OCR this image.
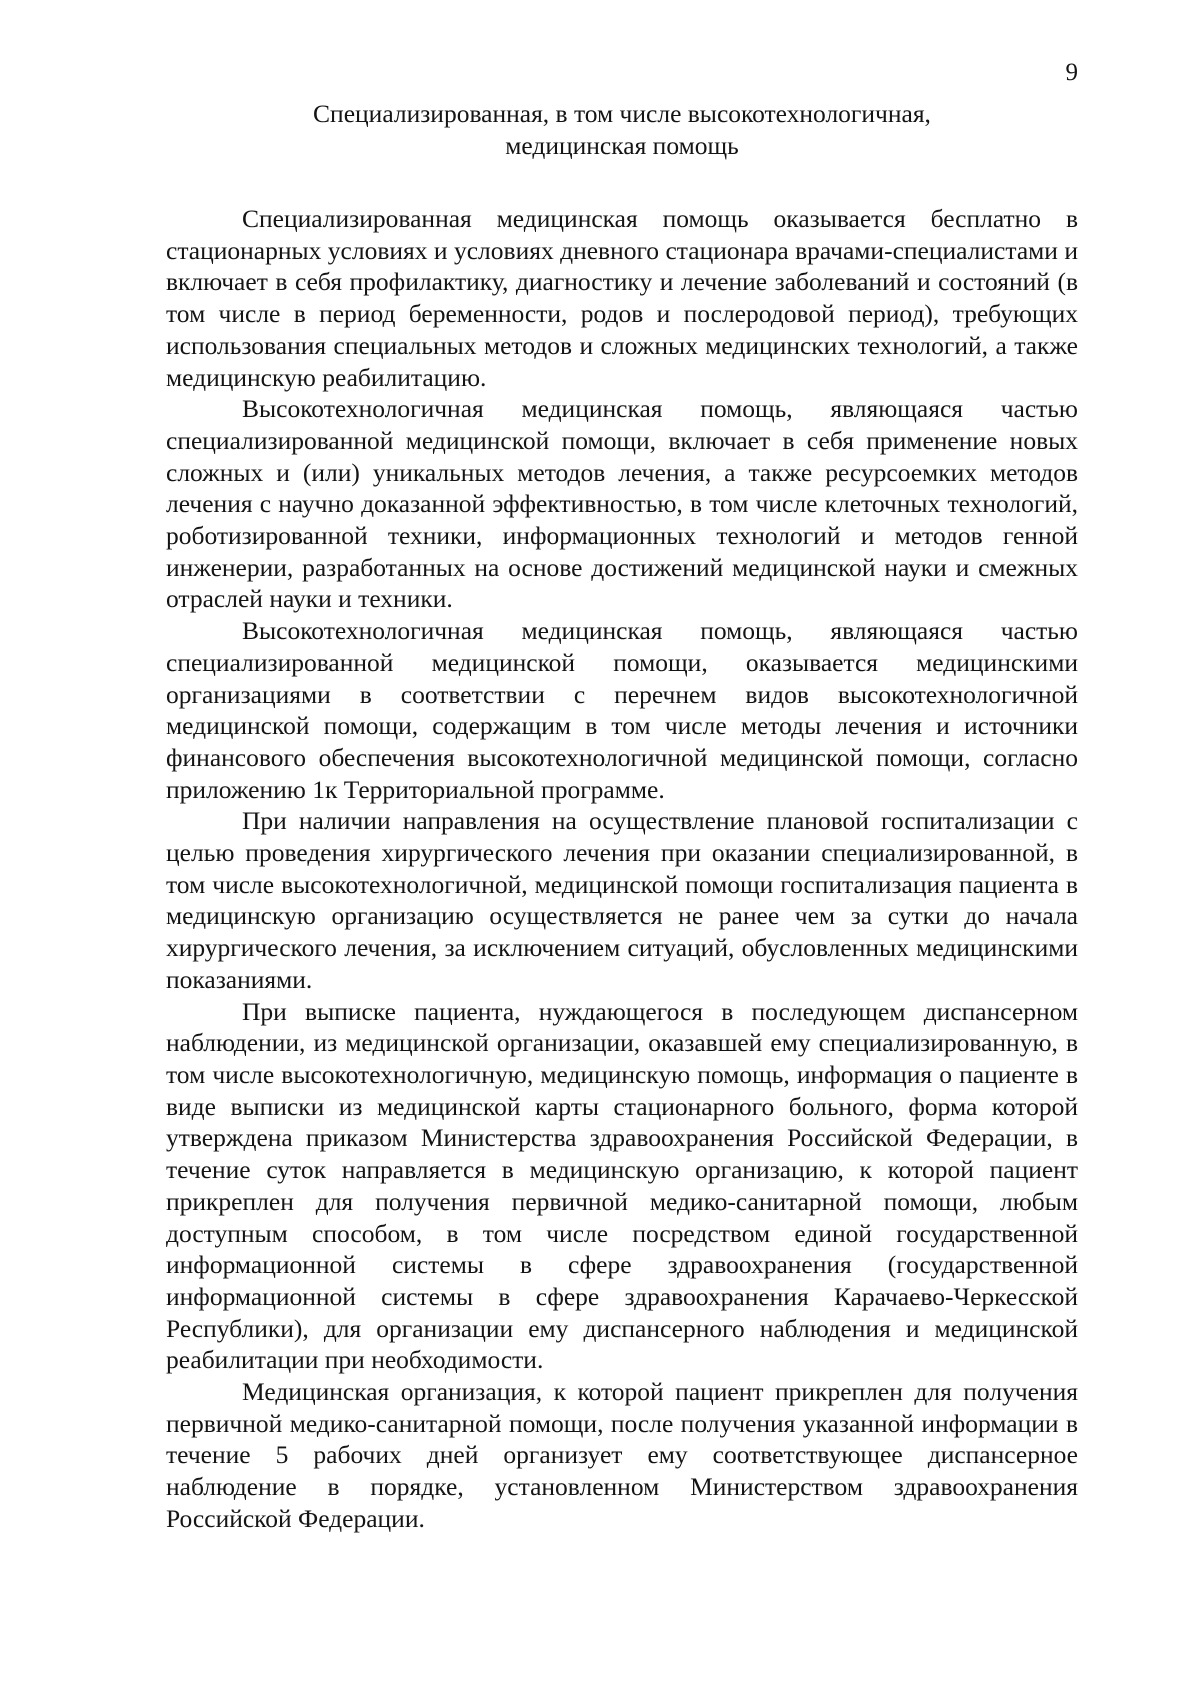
9
Специализированная, в том числе высокотехнологичная,
медицинская помощь

Специализированная медицинская помощь оказывается бесплатно в стационарных условиях и условиях дневного стационара врачами-специалистами и включает в себя профилактику, диагностику и лечение заболеваний и состояний (в том числе в период беременности, родов и послеродовой период), требующих использования специальных методов и сложных медицинских технологий, а также медицинскую реабилитацию.

Высокотехнологичная медицинская помощь, являющаяся частью специализированной медицинской помощи, включает в себя применение новых сложных и (или) уникальных методов лечения, а также ресурсоемких методов лечения с научно доказанной эффективностью, в том числе клеточных технологий, роботизированной техники, информационных технологий и методов генной инженерии, разработанных на основе достижений медицинской науки и смежных отраслей науки и техники.

Высокотехнологичная медицинская помощь, являющаяся частью специализированной медицинской помощи, оказывается медицинскими организациями в соответствии с перечнем видов высокотехнологичной медицинской помощи, содержащим в том числе методы лечения и источники финансового обеспечения высокотехнологичной медицинской помощи, согласно приложению 1к Территориальной программе.

При наличии направления на осуществление плановой госпитализации с целью проведения хирургического лечения при оказании специализированной, в том числе высокотехнологичной, медицинской помощи госпитализация пациента в медицинскую организацию осуществляется не ранее чем за сутки до начала хирургического лечения, за исключением ситуаций, обусловленных медицинскими показаниями.

При выписке пациента, нуждающегося в последующем диспансерном наблюдении, из медицинской организации, оказавшей ему специализированную, в том числе высокотехнологичную, медицинскую помощь, информация о пациенте в виде выписки из медицинской карты стационарного больного, форма которой утверждена приказом Министерства здравоохранения Российской Федерации, в течение суток направляется в медицинскую организацию, к которой пациент прикреплен для получения первичной медико-санитарной помощи, любым доступным способом, в том числе посредством единой государственной информационной системы в сфере здравоохранения (государственной информационной системы в сфере здравоохранения Карачаево-Черкесской Республики), для организации ему диспансерного наблюдения и медицинской реабилитации при необходимости.

Медицинская организация, к которой пациент прикреплен для получения первичной медико-санитарной помощи, после получения указанной информации в течение 5 рабочих дней организует ему соответствующее диспансерное наблюдение в порядке, установленном Министерством здравоохранения Российской Федерации.
